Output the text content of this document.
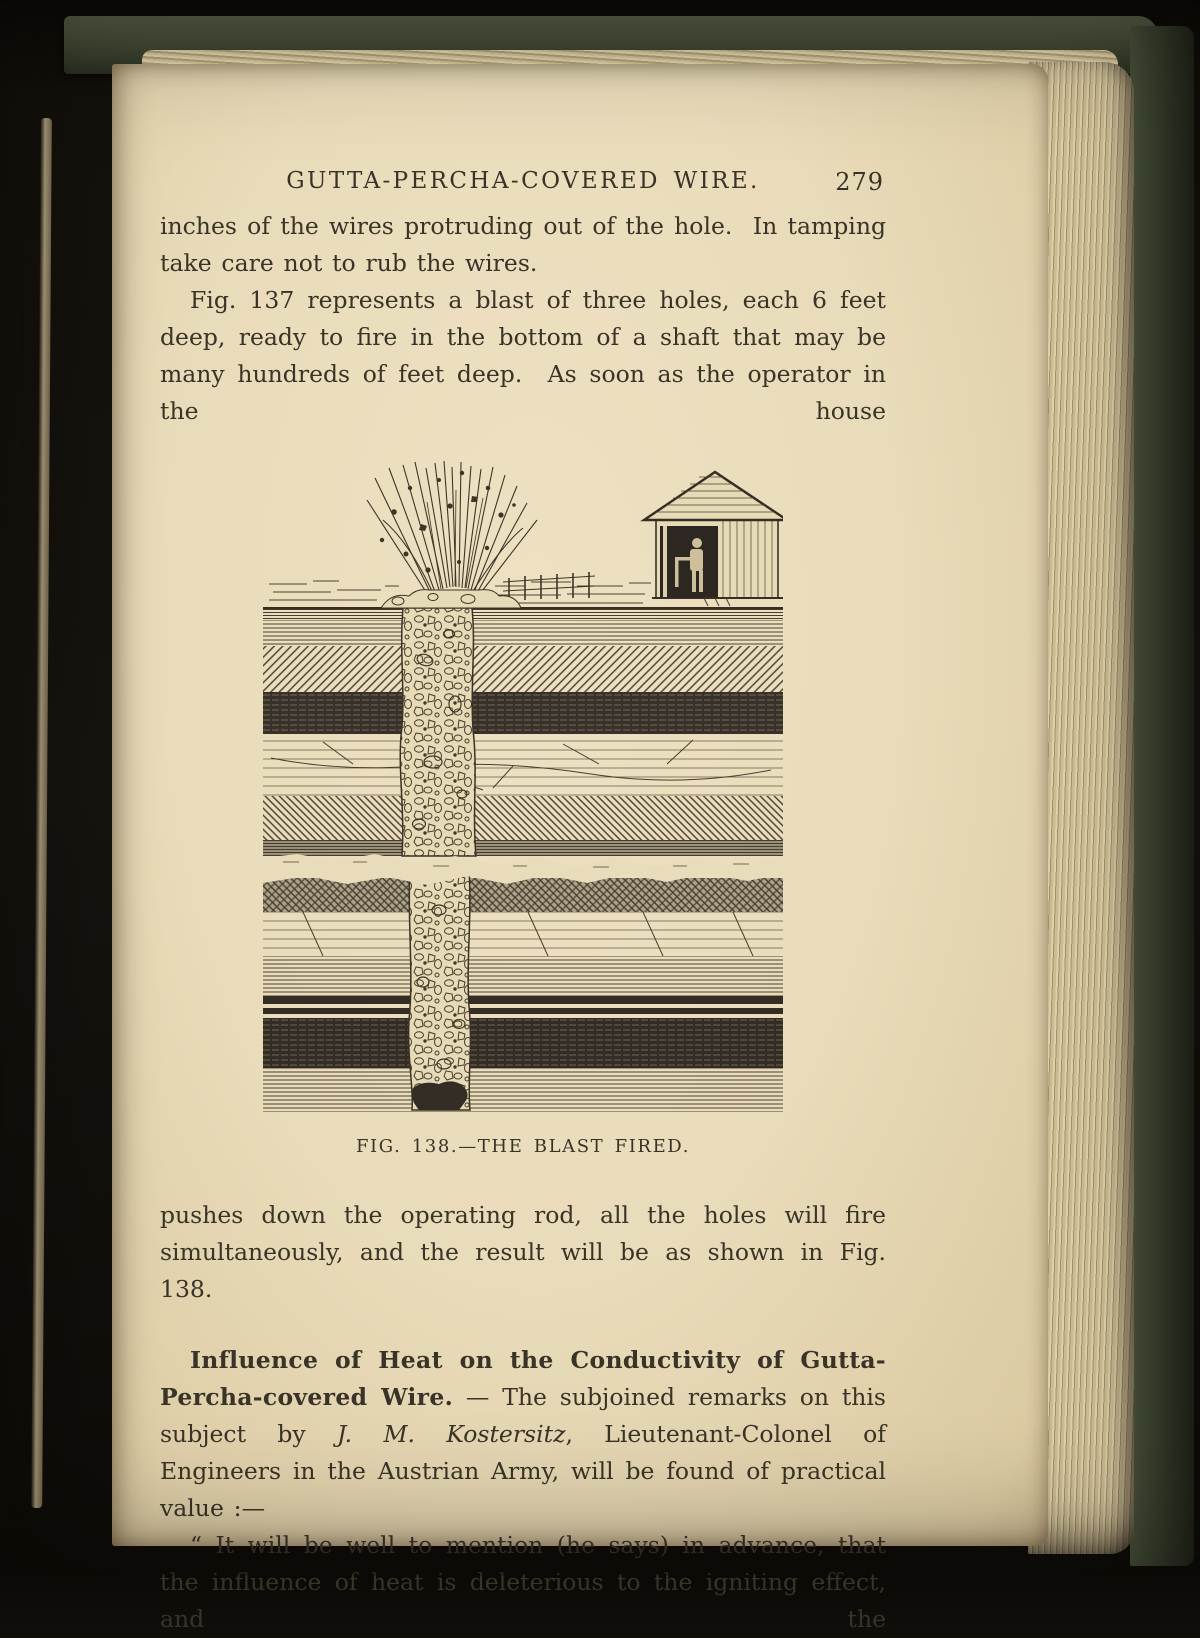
GUTTA-PERCHA-COVERED WIRE.	279

inches of the wires protruding out of the hole.  In tamping take care not to rub the wires.

Fig. 137 represents a blast of three holes, each 6 feet deep, ready to fire in the bottom of a shaft that may be many hundreds of feet deep.  As soon as the operator in the house

FIG. 138.—THE BLAST FIRED.

pushes down the operating rod, all the holes will fire simultaneously, and the result will be as shown in Fig. 138.

Influence of Heat on the Conductivity of Gutta-Percha-covered Wire. — The subjoined remarks on this subject by J. M. Kostersitz, Lieutenant-Colonel of Engineers in the Austrian Army, will be found of practical value :—

“ It will be well to mention (he says) in advance, that the influence of heat is deleterious to the igniting effect, and the
